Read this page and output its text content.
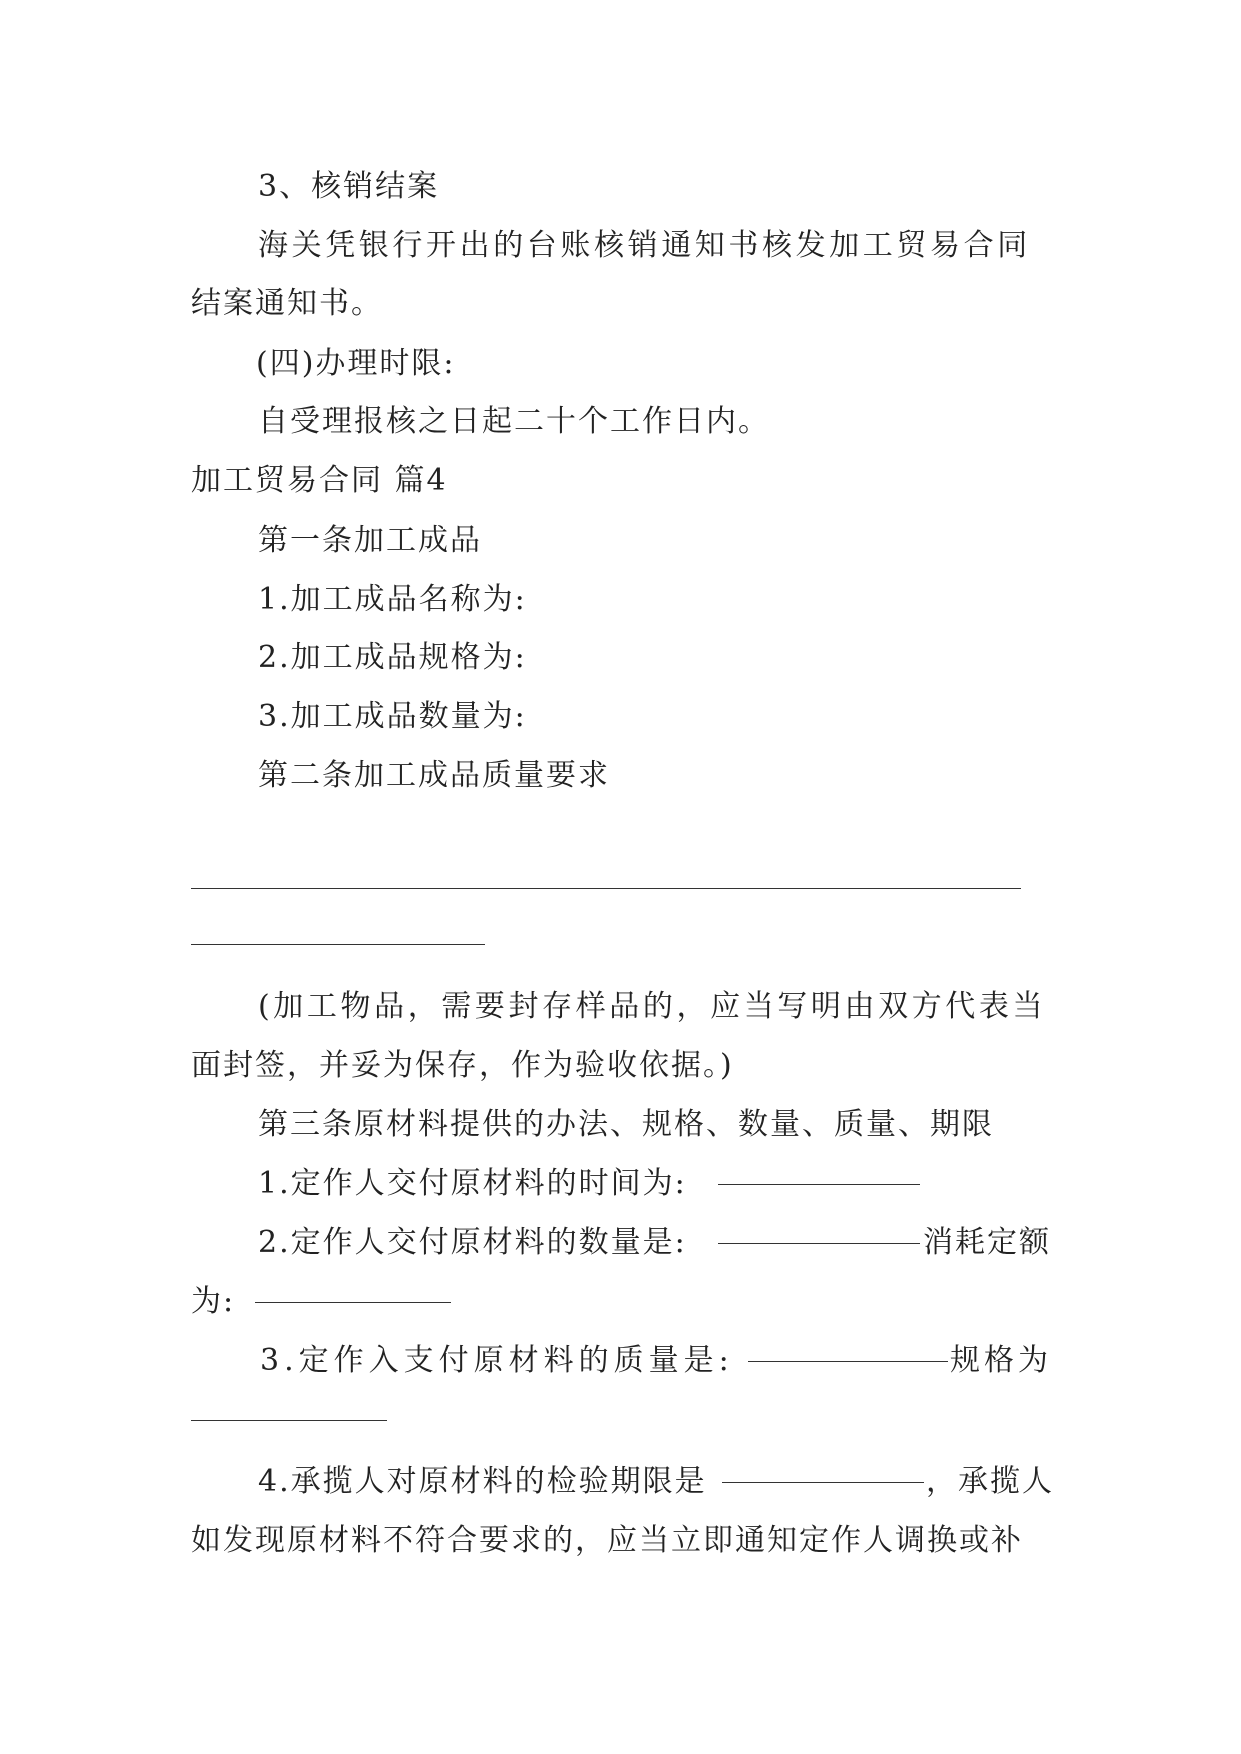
3、核销结案
海关凭银行开出的台账核销通知书核发加工贸易合同
结案通知书。
(四)办理时限:
自受理报核之日起二十个工作日内。
加工贸易合同 篇4
第一条加工成品
1.加工成品名称为:
2.加工成品规格为:
3.加工成品数量为:
第二条加工成品质量要求
(加工物品，需要封存样品的，应当写明由双方代表当
面封签，并妥为保存，作为验收依据。)
第三条原材料提供的办法、规格、数量、质量、期限
1.定作人交付原材料的时间为:
2.定作人交付原材料的数量是:	消耗定额
为:
3.定作入支付原材料的质量是:	规格为
4.承揽人对原材料的检验期限是	，承揽人
如发现原材料不符合要求的，应当立即通知定作人调换或补
